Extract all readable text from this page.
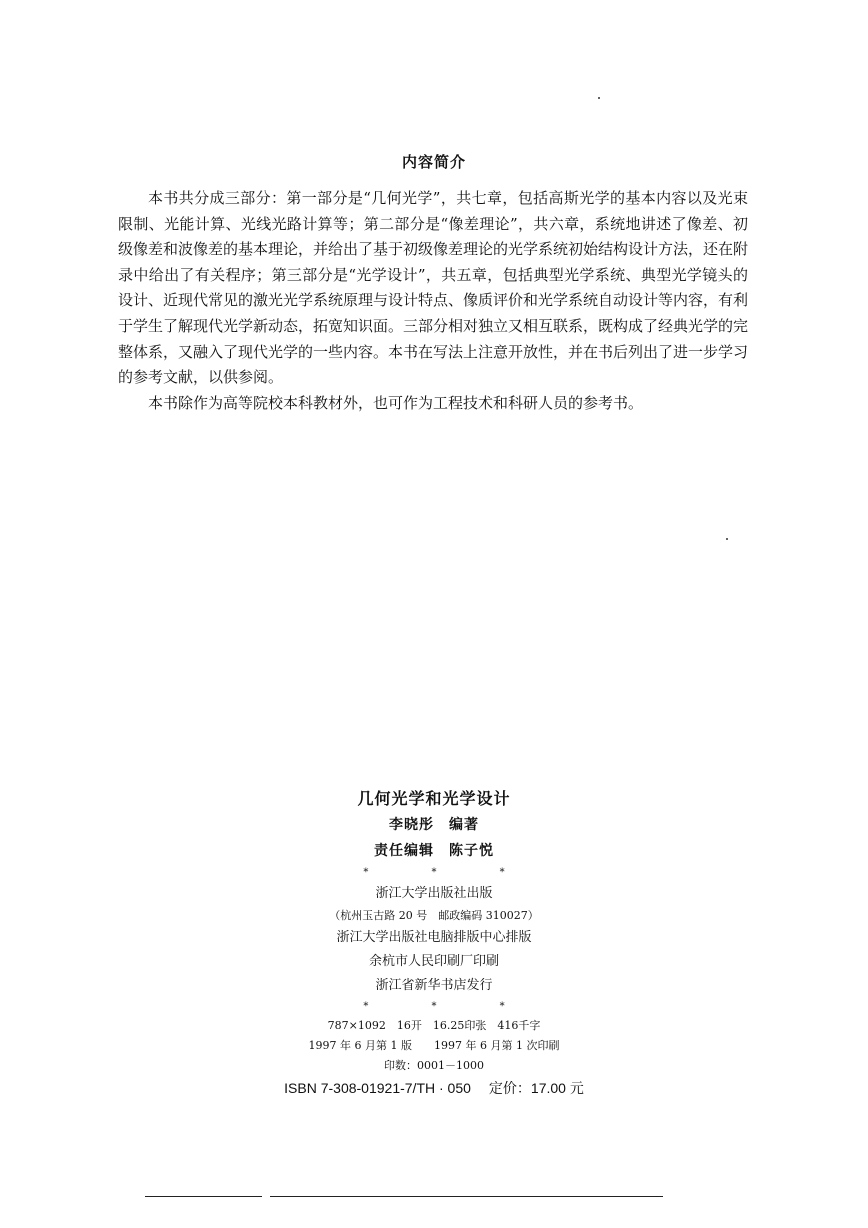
内容简介

本书共分成三部分：第一部分是“几何光学”，共七章，包括高斯光学的基本内容以及光束限制、光能计算、光线光路计算等；第二部分是“像差理论”，共六章，系统地讲述了像差、初级像差和波像差的基本理论，并给出了基于初级像差理论的光学系统初始结构设计方法，还在附录中给出了有关程序；第三部分是“光学设计”，共五章，包括典型光学系统、典型光学镜头的设计、近现代常见的激光光学系统原理与设计特点、像质评价和光学系统自动设计等内容，有利于学生了解现代光学新动态，拓宽知识面。三部分相对独立又相互联系，既构成了经典光学的完整体系，又融入了现代光学的一些内容。本书在写法上注意开放性，并在书后列出了进一步学习的参考文献，以供参阅。

本书除作为高等院校本科教材外，也可作为工程技术和科研人员的参考书。

几何光学和光学设计
李晓彤　编著
责任编辑　陈子悦
* * *
浙江大学出版社出版
（杭州玉古路 20 号　邮政编码 310027）
浙江大学出版社电脑排版中心排版
余杭市人民印刷厂印刷
浙江省新华书店发行
* * *
787×1092　16开　16.25印张　416千字
1997 年 6 月第 1 版　　1997 年 6 月第 1 次印刷
印数：0001－1000
ISBN 7-308-01921-7/TH · 050 定价：17.00 元
